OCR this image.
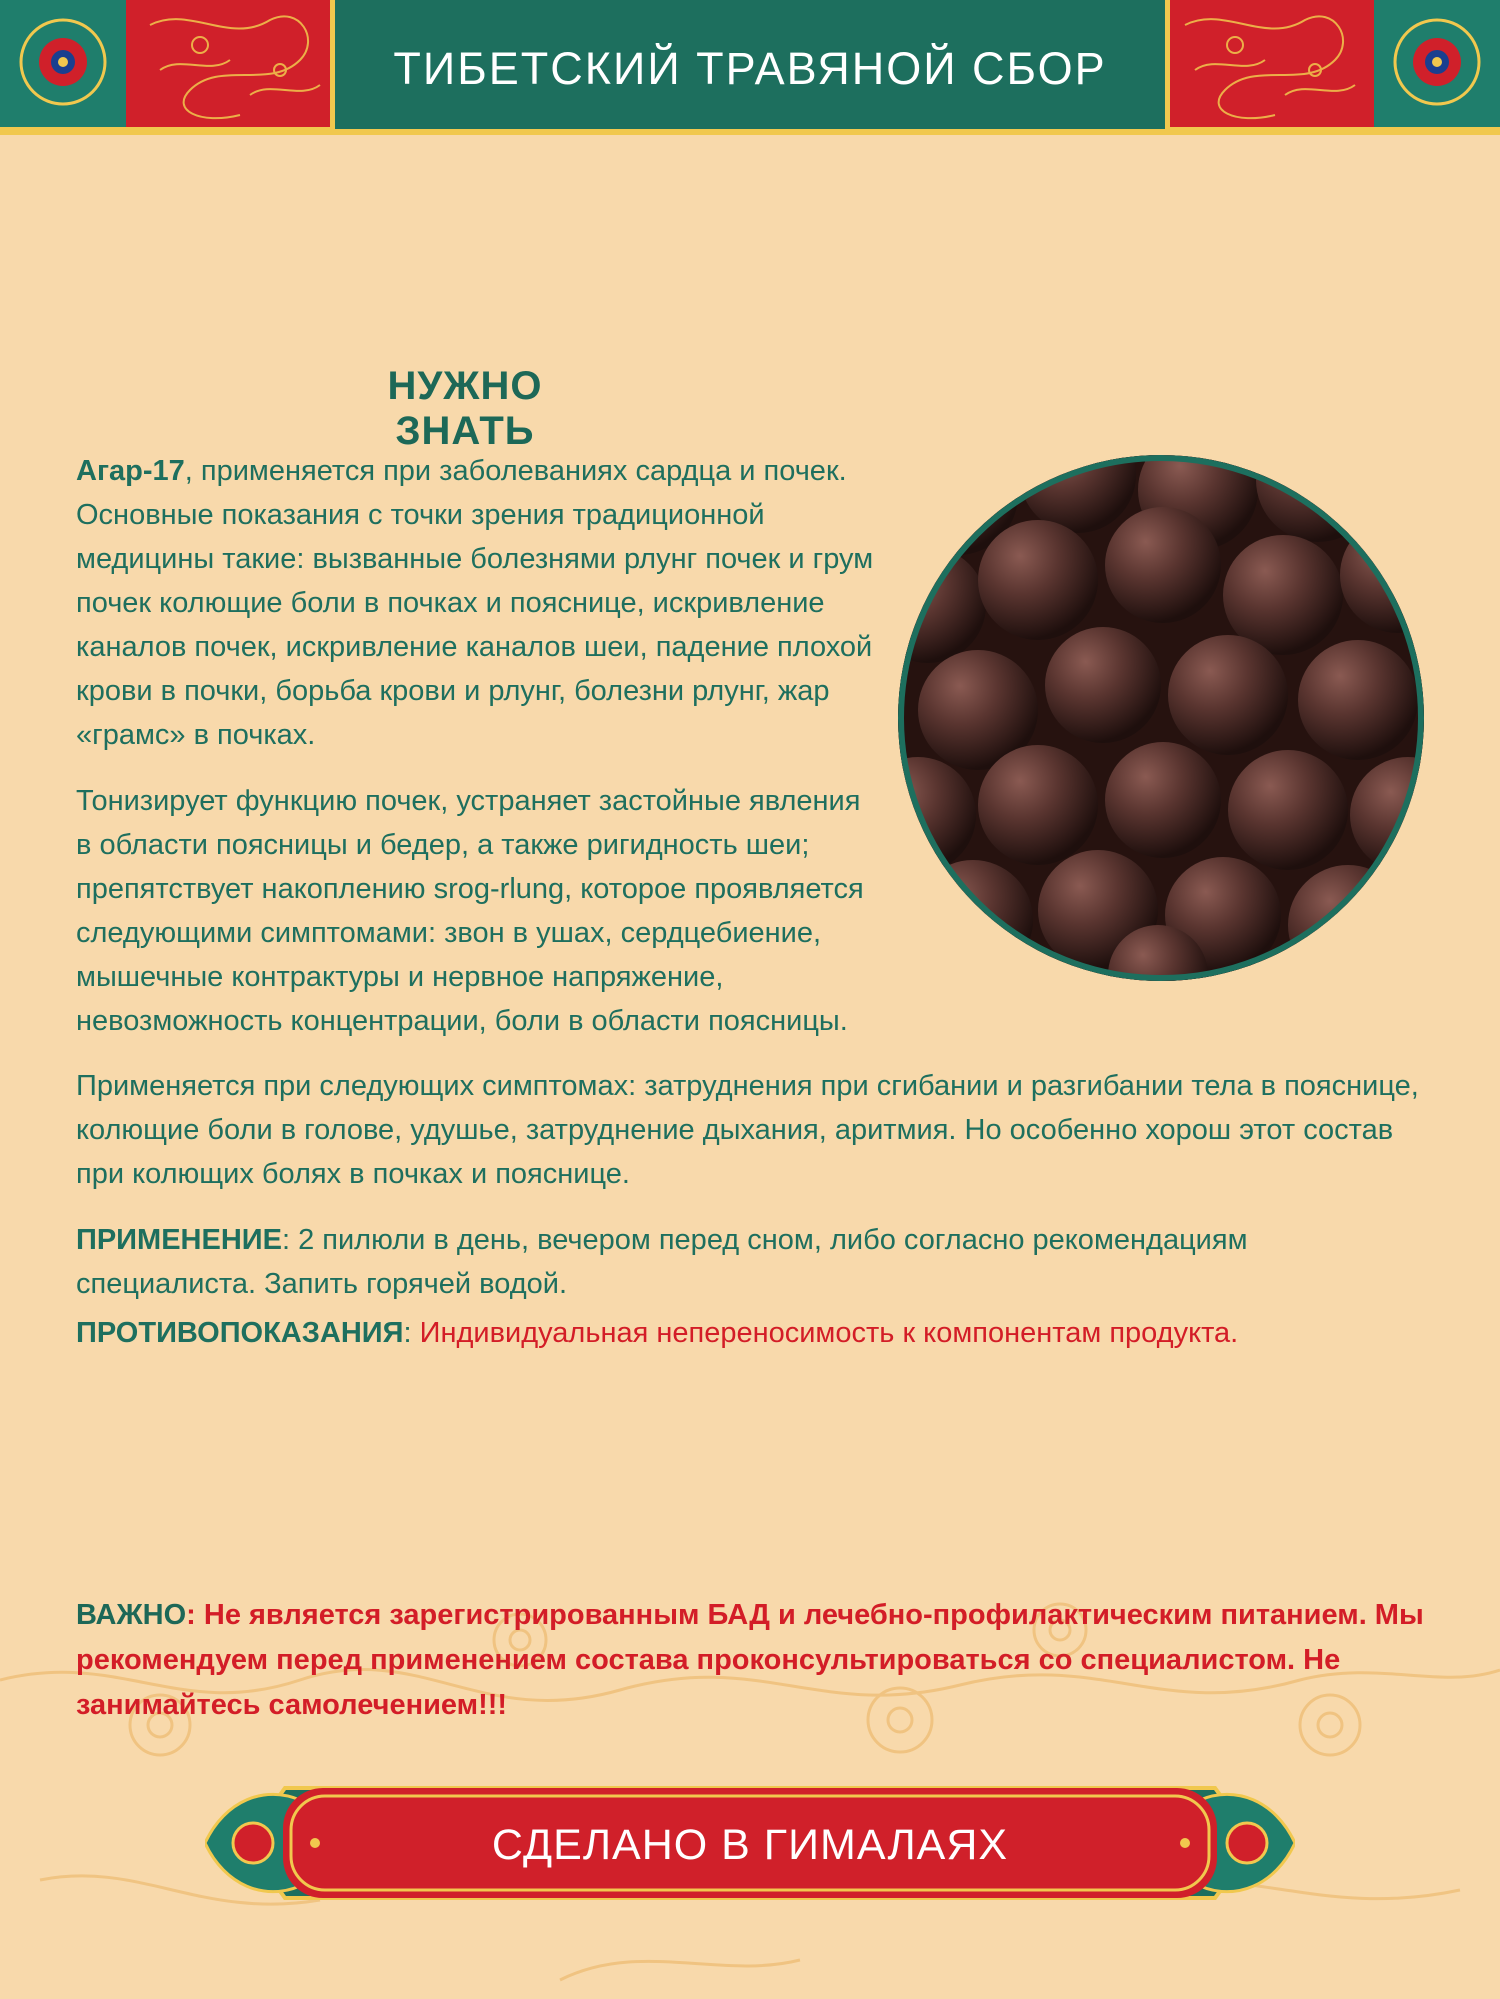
ТИБЕТСКИЙ ТРАВЯНОЙ СБОР
НУЖНО ЗНАТЬ
Агар-17, применяется при заболеваниях сардца и почек. Основные показания с точки зрения традиционной медицины такие: вызванные болезнями рлунг почек и грум почек колющие боли в почках и пояснице, искривление каналов почек, искривление каналов шеи, падение плохой крови в почки, борьба крови и рлунг, болезни рлунг, жар «грамс» в почках.
Тонизирует функцию почек, устраняет застойные явления в области поясницы и бедер, а также ригидность шеи; препятствует накоплению srog-rlung, которое проявляется следующими симптомами: звон в ушах, сердцебиение, мышечные контрактуры и нервное напряжение, невозможность концентрации, боли в области поясницы.
Применяется при следующих симптомах: затруднения при сгибании и разгибании тела в пояснице, колющие боли в голове, удушье, затруднение дыхания, аритмия. Но особенно хорош этот состав при колющих болях в почках и пояснице.
ПРИМЕНЕНИЕ: 2 пилюли в день, вечером перед сном, либо согласно рекомендациям специалиста. Запить горячей водой.
ПРОТИВОПОКАЗАНИЯ: Индивидуальная непереносимость к компонентам продукта.
ВАЖНО: Не является зарегистрированным БАД и лечебно-профилактическим питанием. Мы рекомендуем перед применением состава проконсультироваться со специалистом. Не занимайтесь самолечением!!!
СДЕЛАНО В ГИМАЛАЯХ
